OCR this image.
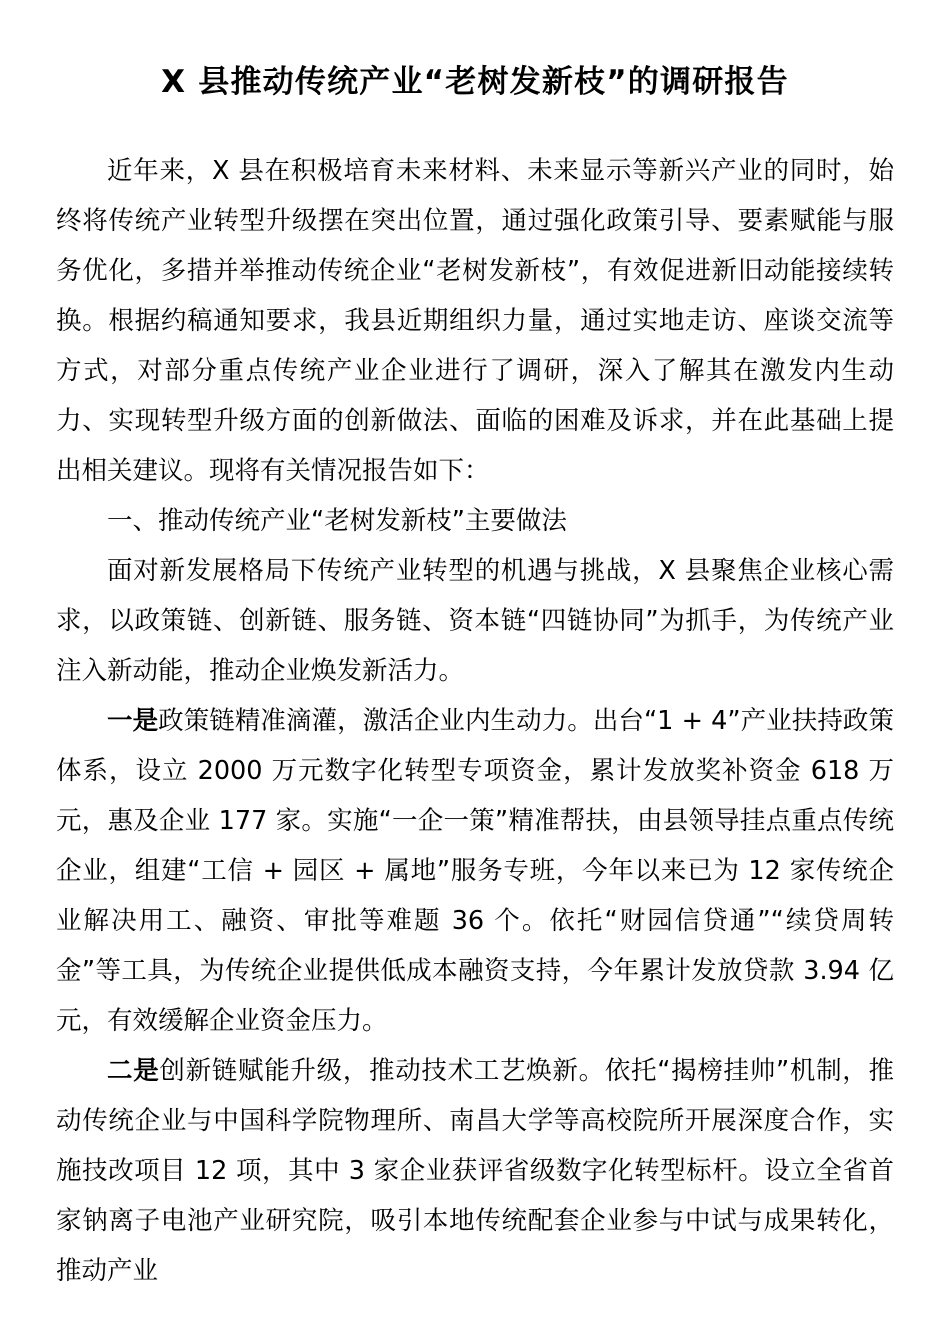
X 县推动传统产业“老树发新枝”的调研报告

近年来，X 县在积极培育未来材料、未来显示等新兴产业的同时，始终将传统产业转型升级摆在突出位置，通过强化政策引导、要素赋能与服务优化，多措并举推动传统企业“老树发新枝”，有效促进新旧动能接续转换。根据约稿通知要求，我县近期组织力量，通过实地走访、座谈交流等方式，对部分重点传统产业企业进行了调研，深入了解其在激发内生动力、实现转型升级方面的创新做法、面临的困难及诉求，并在此基础上提出相关建议。现将有关情况报告如下：

一、推动传统产业“老树发新枝”主要做法

面对新发展格局下传统产业转型的机遇与挑战，X 县聚焦企业核心需求，以政策链、创新链、服务链、资本链“四链协同”为抓手，为传统产业注入新动能，推动企业焕发新活力。

一是政策链精准滴灌，激活企业内生动力。出台“1 + 4”产业扶持政策体系，设立 2000 万元数字化转型专项资金，累计发放奖补资金 618 万元，惠及企业 177 家。实施“一企一策”精准帮扶，由县领导挂点重点传统企业，组建“工信 + 园区 + 属地”服务专班，今年以来已为 12 家传统企业解决用工、融资、审批等难题 36 个。依托“财园信贷通”“续贷周转金”等工具，为传统企业提供低成本融资支持，今年累计发放贷款 3.94 亿元，有效缓解企业资金压力。

二是创新链赋能升级，推动技术工艺焕新。依托“揭榜挂帅”机制，推动传统企业与中国科学院物理所、南昌大学等高校院所开展深度合作，实施技改项目 12 项，其中 3 家企业获评省级数字化转型标杆。设立全省首家钠离子电池产业研究院，吸引本地传统配套企业参与中试与成果转化，推动产业
